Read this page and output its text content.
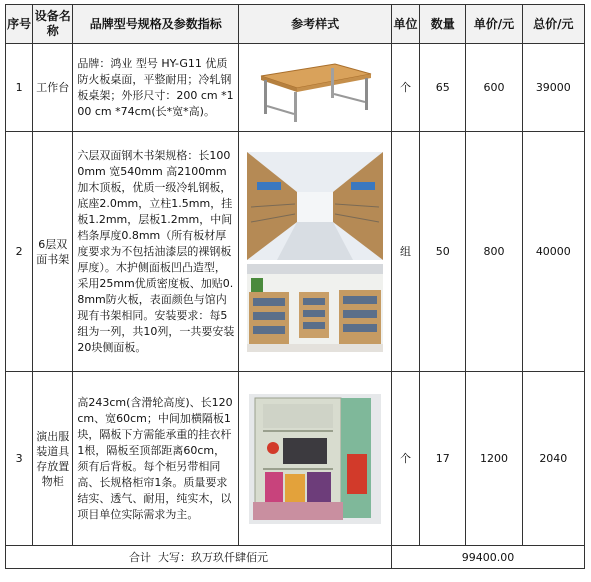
序号	设备名称	品牌型号规格及参数指标	参考样式	单位	数量	单价/元	总价/元
1	工作台	品牌：鸿业 型号 HY-G11 优质防火板桌面，平整耐用；冷轧钢板桌架；外形尺寸：200 cm *100 cm *74cm(长*宽*高)。		个	65	600	39000
2	6层双面书架	六层双面钢木书架规格：长1000mm 宽540mm 高2100mm 加木顶板，优质一级冷轧钢板，底座2.0mm，立柱1.5mm，挂板1.2mm，层板1.2mm，中间档条厚度0.8mm（所有板材厚度要求为不包括油漆层的裸钢板厚度）。木护侧面板凹凸造型，采用25mm优质密度板、加贴0.8mm防火板，表面颜色与馆内现有书架相同。安装要求：每5组为一列，共10列，一共要安装20块侧面板。		组	50	800	40000
3	演出服装道具存放置物柜	高243cm(含滑轮高度)、长120cm、宽60cm；中间加横隔板1块，隔板下方需能承重的挂衣杆1根，隔板至顶部距离60cm，须有后背板。每个柜另带相同高、长规格柜帘1条。质量要求结实、透气、耐用，纯实木，以项目单位实际需求为主。		个	17	1200	2040
合计  大写：玖万玖仟肆佰元				99400.00			
